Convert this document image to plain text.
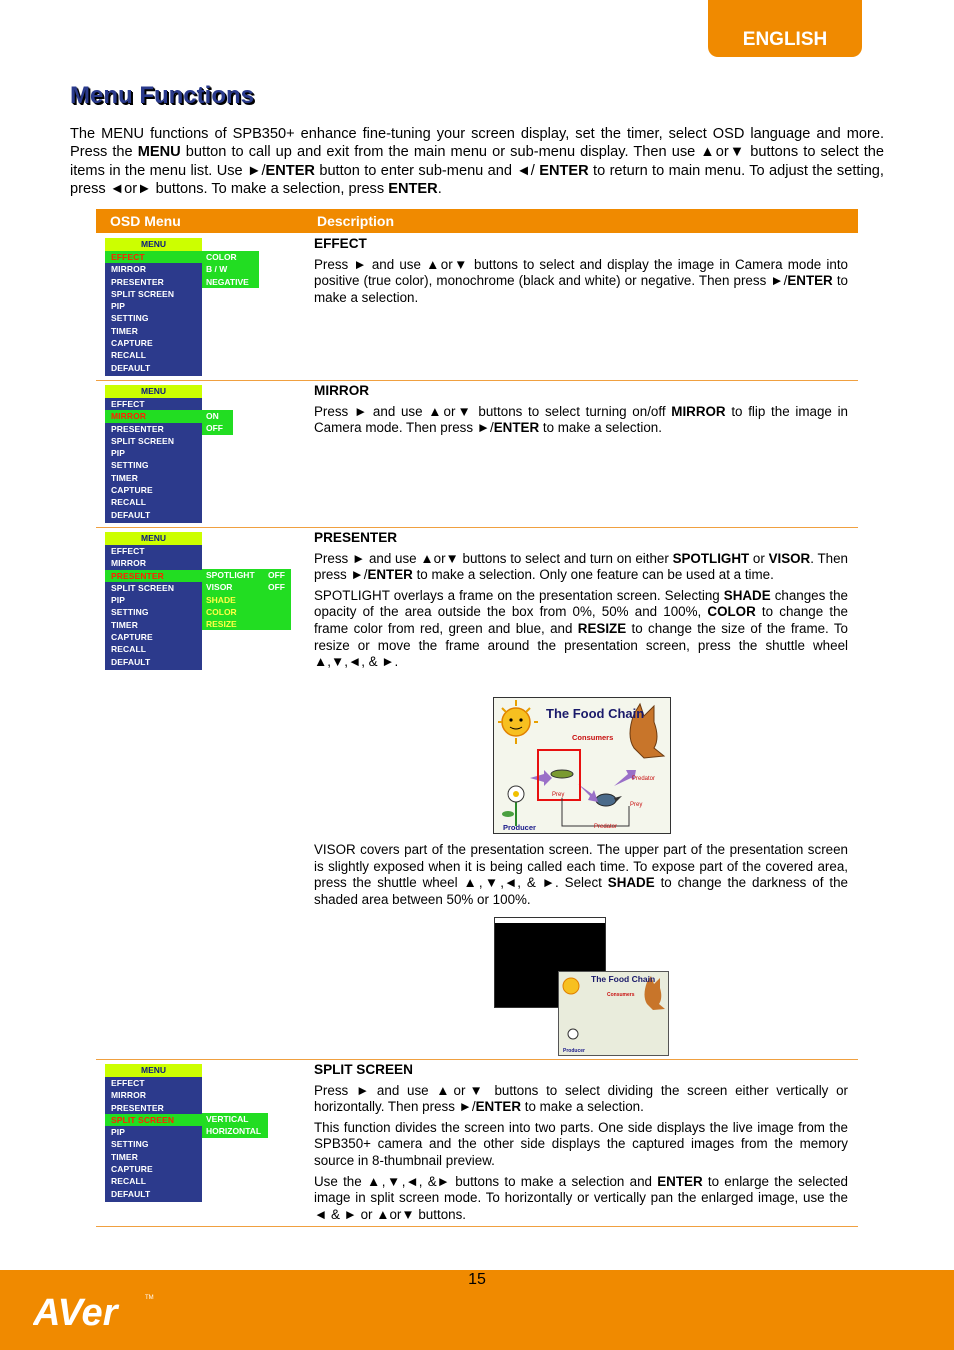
ENGLISH
Menu Functions

The MENU functions of SPB350+ enhance fine-tuning your screen display, set the timer, select OSD language and more. Press the MENU button to call up and exit from the main menu or sub-menu display. Then use ▲or▼ buttons to select the items in the menu list. Use ►/ENTER button to enter sub-menu and ◄/ ENTER to return to main menu. To adjust the setting, press ◄or► buttons. To make a selection, press ENTER.

OSD Menu	Description
MENU
EFFECT
MIRROR
PRESENTER
SPLIT SCREEN
PIP
SETTING
TIMER
CAPTURE
RECALL
DEFAULT
COLOR
B / W
NEGATIVE
EFFECT

Press ► and use ▲or▼ buttons to select and display the image in Camera mode into positive (true color), monochrome (black and white) or negative. Then press ►/ENTER to make a selection.

MENU
EFFECT
MIRROR
PRESENTER
SPLIT SCREEN
PIP
SETTING
TIMER
CAPTURE
RECALL
DEFAULT
ON
OFF
MIRROR

Press ► and use ▲or▼ buttons to select turning on/off MIRROR to flip the image in Camera mode. Then press ►/ENTER to make a selection.

MENU
EFFECT
MIRROR
PRESENTER
SPLIT SCREEN
PIP
SETTING
TIMER
CAPTURE
RECALL
DEFAULT
SPOTLIGHT OFF
VISOR	OFF
SHADE
COLOR
RESIZE
PRESENTER

Press ► and use ▲or▼ buttons to select and turn on either SPOTLIGHT or VISOR. Then press ►/ENTER to make a selection. Only one feature can be used at a time.

SPOTLIGHT overlays a frame on the presentation screen. Selecting SHADE changes the opacity of the area outside the box from 0%, 50% and 100%, COLOR to change the frame color from red, green and blue, and RESIZE to change the size of the frame. To resize or move the frame around the presentation screen, press the shuttle wheel ▲,▼,◄, & ►.

The Food Chain
Consumers
Producer
Predator
Predator
Prey
Prey

VISOR covers part of the presentation screen. The upper part of the presentation screen is slightly exposed when it is being called each time. To expose part of the covered area, press the shuttle wheel ▲,▼,◄, & ►. Select SHADE to change the darkness of the shaded area between 50% or 100%.

The Food Chain
Consumers
Producer
MENU
EFFECT
MIRROR
PRESENTER
SPLIT SCREEN
PIP
SETTING
TIMER
CAPTURE
RECALL
DEFAULT
VERTICAL
HORIZONTAL
SPLIT SCREEN

Press ► and use ▲or▼ buttons to select dividing the screen either vertically or horizontally. Then press ►/ENTER to make a selection.

This function divides the screen into two parts. One side displays the live image from the SPB350+ camera and the other side displays the captured images from the memory source in 8-thumbnail preview.

Use the ▲,▼,◄, &► buttons to make a selection and ENTER to enlarge the selected image in split screen mode. To horizontally or vertically pan the enlarged image, use the ◄ & ► or ▲or▼ buttons.

15
AVer	TM
